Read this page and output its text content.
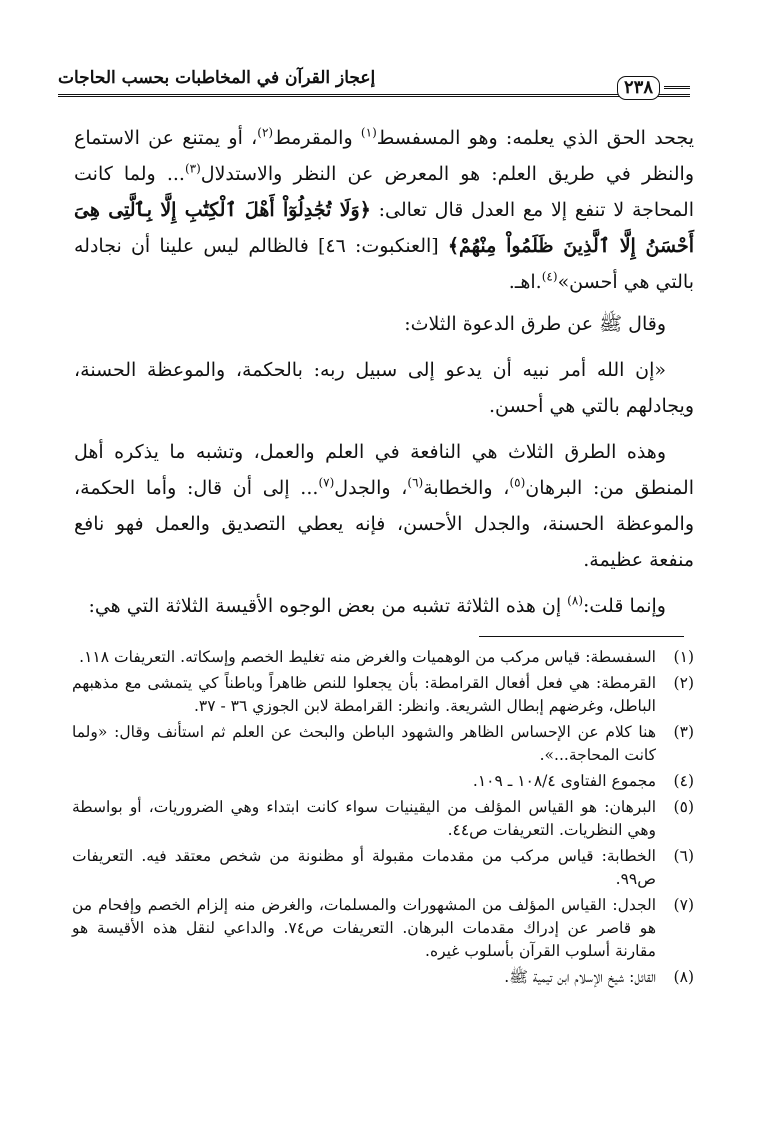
إعجاز القرآن في المخاطبات بحسب الحاجات	٢٣٨

يجحد الحق الذي يعلمه: وهو المسفسط$^{(١)}$ والمقرمط$^{(٢)}$، أو يمتنع عن الاستماع والنظر في طريق العلم: هو المعرض عن النظر والاستدلال$^{(٣)}$... ولما كانت المحاجة لا تنفع إلا مع العدل قال تعالى: ﴿وَلَا تُجَٰدِلُوٓاْ أَهْلَ ٱلْكِتَٰبِ إِلَّا بِٱلَّتِى هِىَ أَحْسَنُ إِلَّا ٱلَّذِينَ ظَلَمُواْ مِنْهُمْ﴾ [العنكبوت: ٤٦] فالظالم ليس علينا أن نجادله بالتي هي أحسن»$^{(٤)}$.اهـ.

وقال ﷺ عن طرق الدعوة الثلاث:

«إن الله أمر نبيه أن يدعو إلى سبيل ربه: بالحكمة، والموعظة الحسنة، ويجادلهم بالتي هي أحسن.

وهذه الطرق الثلاث هي النافعة في العلم والعمل، وتشبه ما يذكره أهل المنطق من: البرهان$^{(٥)}$، والخطابة$^{(٦)}$، والجدل$^{(٧)}$... إلى أن قال: وأما الحكمة، والموعظة الحسنة، والجدل الأحسن، فإنه يعطي التصديق والعمل فهو نافع منفعة عظيمة.

وإنما قلت:$^{(٨)}$ إن هذه الثلاثة تشبه من بعض الوجوه الأقيسة الثلاثة التي هي:

(١)
السفسطة: قياس مركب من الوهميات والغرض منه تغليط الخصم وإسكاته. التعريفات ١١٨.
(٢)
القرمطة: هي فعل أفعال القرامطة: بأن يجعلوا للنص ظاهراً وباطناً كي يتمشى مع مذهبهم الباطل، وغرضهم إبطال الشريعة. وانظر: القرامطة لابن الجوزي ٣٦ - ٣٧.
(٣)
هنا كلام عن الإحساس الظاهر والشهود الباطن والبحث عن العلم ثم استأنف وقال: «ولما كانت المحاجة...».
(٤)
مجموع الفتاوى ١٠٨/٤ ـ ١٠٩.
(٥)
البرهان: هو القياس المؤلف من اليقينيات سواء كانت ابتداء وهي الضروريات، أو بواسطة وهي النظريات. التعريفات ص٤٤.
(٦)
الخطابة: قياس مركب من مقدمات مقبولة أو مظنونة من شخص معتقد فيه. التعريفات ص٩٩.
(٧)
الجدل: القياس المؤلف من المشهورات والمسلمات، والغرض منه إلزام الخصم وإفحام من هو قاصر عن إدراك مقدمات البرهان. التعريفات ص٧٤. والداعي لنقل هذه الأقيسة هو مقارنة أسلوب القرآن بأسلوب غيره.
(٨)
القائل: شيخ الإسلام ابن تيمية ﷺ.
